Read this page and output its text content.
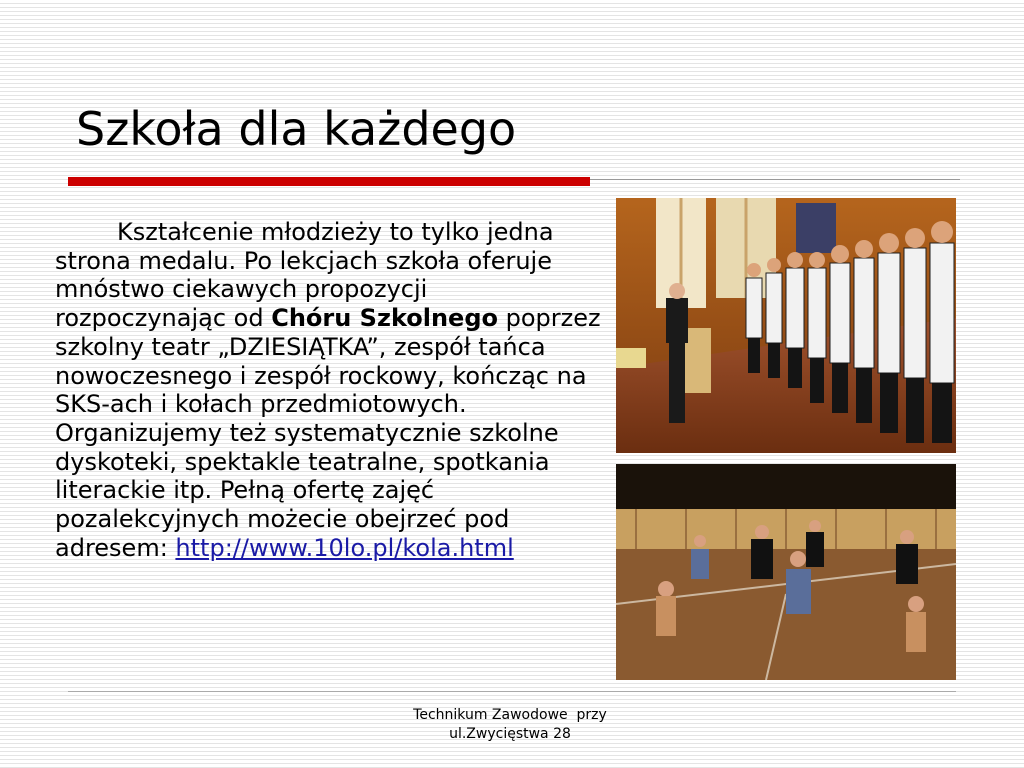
Szkoła dla każdego

Kształcenie młodzieży to tylko jedna strona medalu. Po lekcjach szkoła oferuje mnóstwo ciekawych propozycji rozpoczynając od Chóru Szkolnego poprzez szkolny teatr „DZIESIĄTKA”, zespół tańca nowoczesnego i zespół rockowy, kończąc na SKS-ach i kołach przedmiotowych. Organizujemy też systematycznie szkolne dyskoteki, spektakle teatralne, spotkania literackie itp. Pełną ofertę zajęć pozalekcyjnych możecie obejrzeć pod adresem: http://www.10lo.pl/kola.html

Technikum Zawodowe  przy
ul.Zwycięstwa 28
